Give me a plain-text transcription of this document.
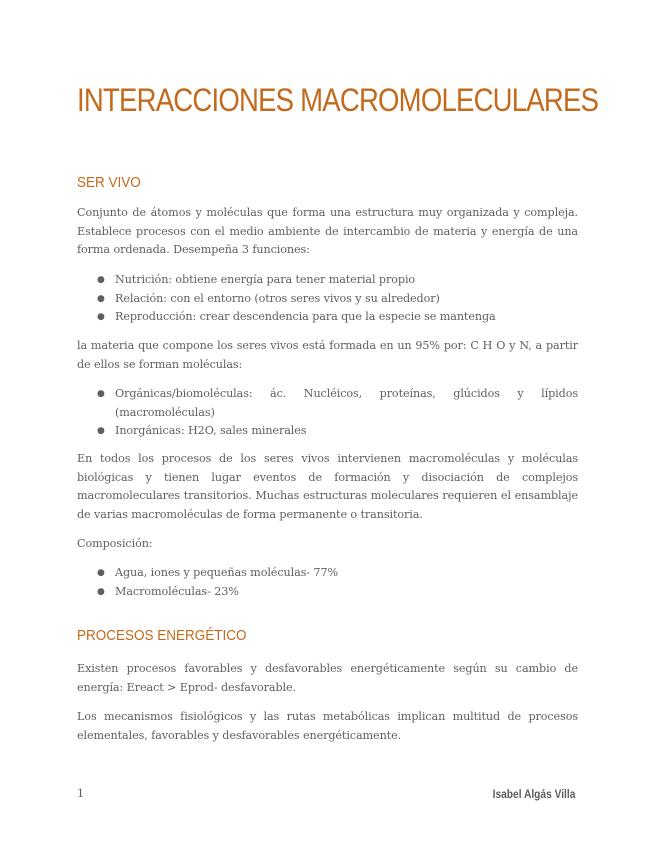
INTERACCIONES MACROMOLECULARES
SER VIVO

Conjunto de átomos y moléculas que forma una estructura muy organizada y compleja. Establece procesos con el medio ambiente de intercambio de materia y energía de una forma ordenada. Desempeña 3 funciones:

● Nutrición: obtiene energía para tener material propio
● Relación: con el entorno (otros seres vivos y su alrededor)
● Reproducción: crear descendencia para que la especie se mantenga

la materia que compone los seres vivos está formada en un 95% por: C H O y N, a partir de ellos se forman moléculas:

● Orgánicas/biomoléculas: ác. Nucléicos, proteínas, glúcidos y lípidos (macromoléculas)
● Inorgánicas: H2O, sales minerales

En todos los procesos de los seres vivos intervienen macromoléculas y moléculas biológicas y tienen lugar eventos de formación y disociación de complejos macromoleculares transitorios. Muchas estructuras moleculares requieren el ensamblaje de varias macromoléculas de forma permanente o transitoria.

Composición:

● Agua, iones y pequeñas moléculas- 77%
● Macromoléculas- 23%
PROCESOS ENERGÉTICO

Existen procesos favorables y desfavorables energéticamente según su cambio de energía: Ereact > Eprod- desfavorable.

Los mecanismos fisiológicos y las rutas metabólicas implican multitud de procesos elementales, favorables y desfavorables energéticamente.

1	Isabel Algás Villa
